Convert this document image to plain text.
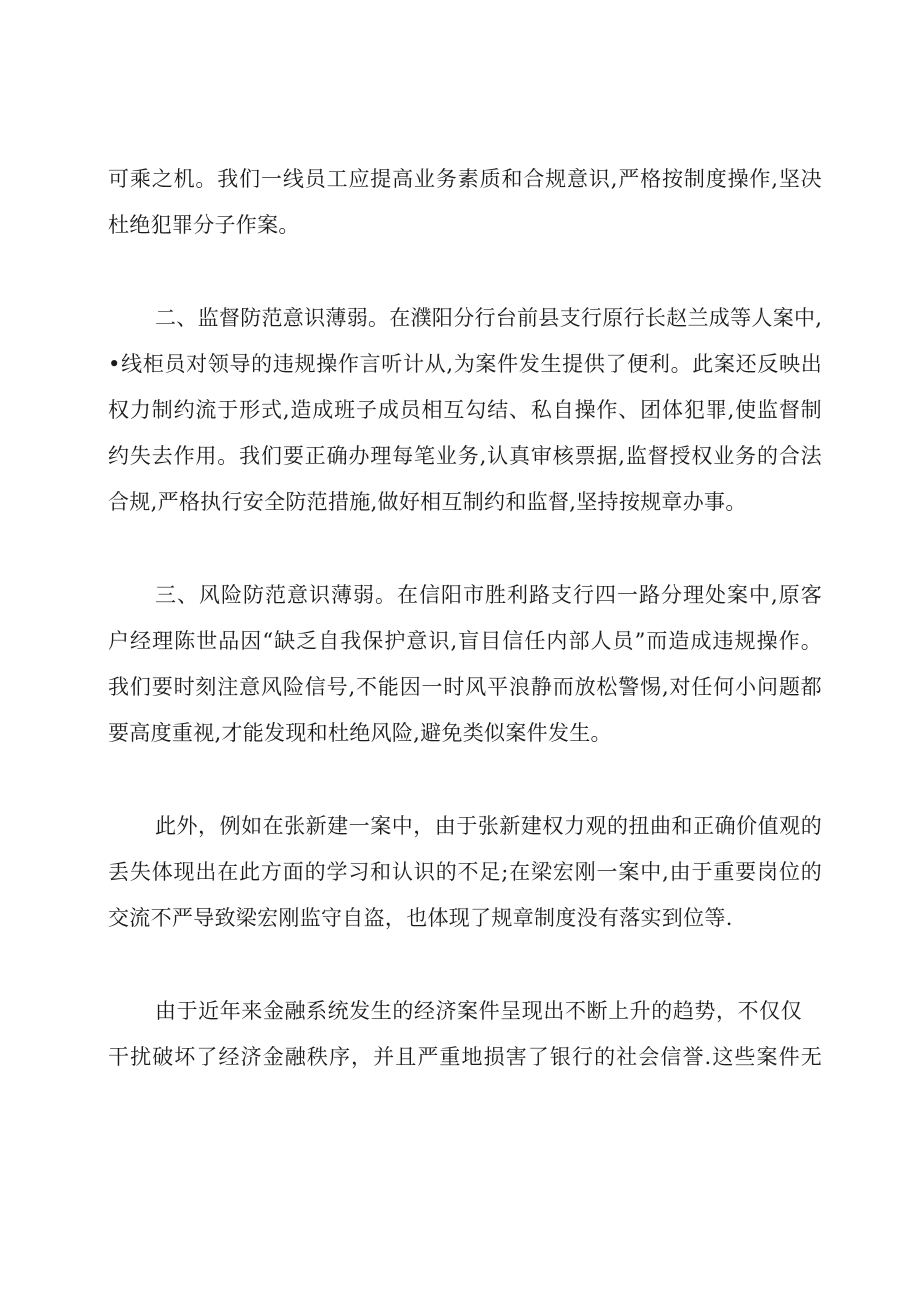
可乘之机。我们一线员工应提高业务素质和合规意识,严格按制度操作,坚决
杜绝犯罪分子作案。
二、监督防范意识薄弱。在濮阳分行台前县支行原行长赵兰成等人案中,
•线柜员对领导的违规操作言听计从,为案件发生提供了便利。此案还反映出
权力制约流于形式,造成班子成员相互勾结、私自操作、团体犯罪,使监督制
约失去作用。我们要正确办理每笔业务,认真审核票据,监督授权业务的合法
合规,严格执行安全防范措施,做好相互制约和监督,坚持按规章办事。
三、风险防范意识薄弱。在信阳市胜利路支行四一路分理处案中,原客
户经理陈世品因“缺乏自我保护意识,盲目信任内部人员”而造成违规操作。
我们要时刻注意风险信号,不能因一时风平浪静而放松警惕,对任何小问题都
要高度重视,才能发现和杜绝风险,避免类似案件发生。
此外，例如在张新建一案中，由于张新建权力观的扭曲和正确价值观的
丢失体现出在此方面的学习和认识的不足;在梁宏刚一案中,由于重要岗位的
交流不严导致梁宏刚监守自盗，也体现了规章制度没有落实到位等.
由于近年来金融系统发生的经济案件呈现出不断上升的趋势，不仅仅
干扰破坏了经济金融秩序，并且严重地损害了银行的社会信誉.这些案件无
